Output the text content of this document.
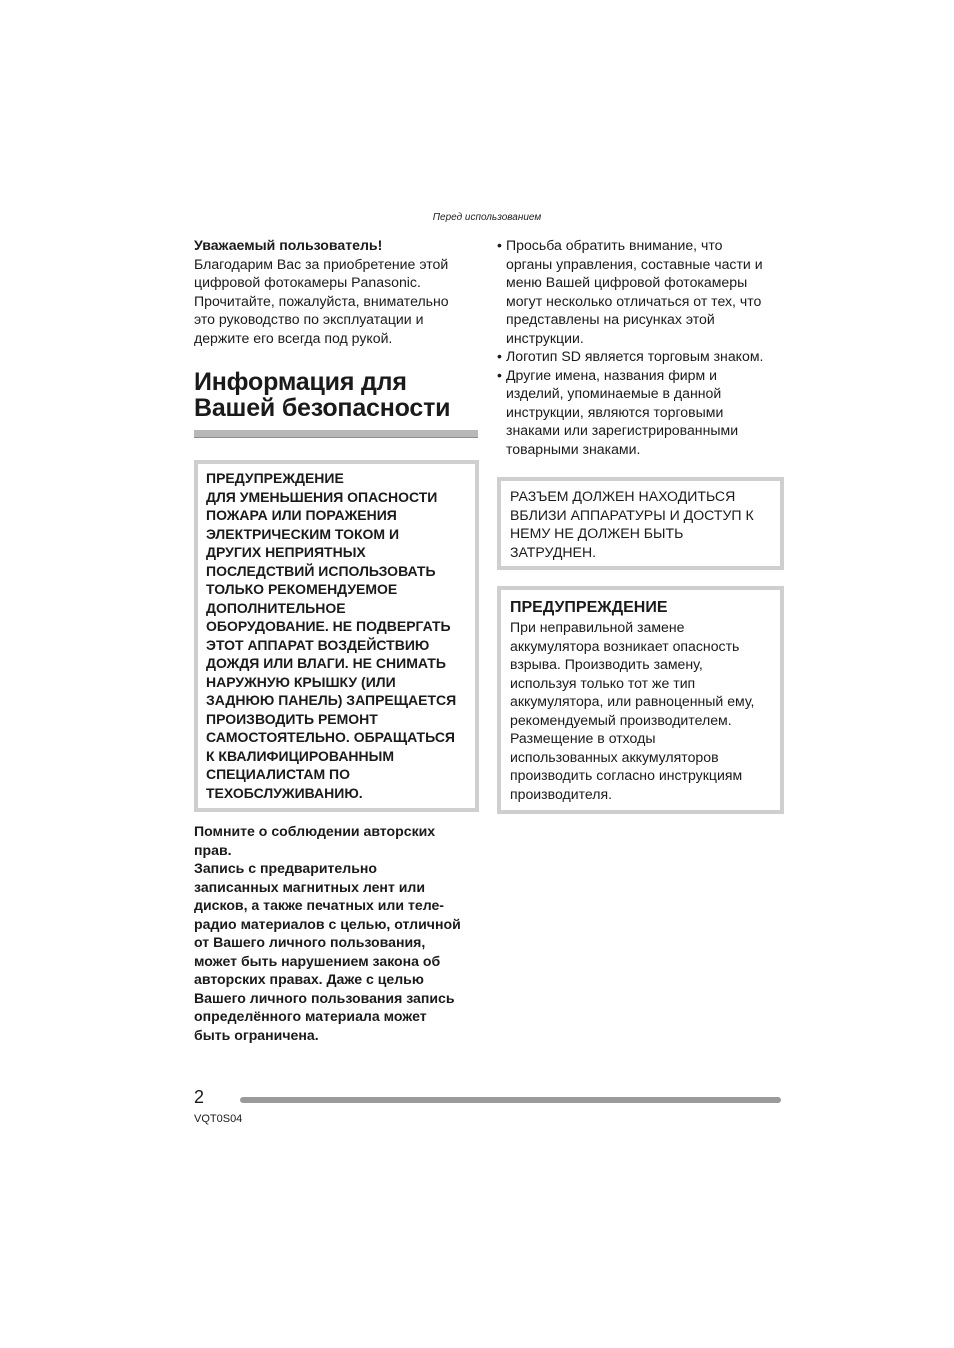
Перед использованием

Уважаемый пользователь!

Благодарим Вас за приобретение этой

цифровой фотокамеры Panasonic.

Прочитайте, пожалуйста, внимательно

это руководство по эксплуатации и

держите его всегда под рукой.

Информация для
Вашей безопасности

ПРЕДУПРЕЖДЕНИЕ

ДЛЯ УМЕНЬШЕНИЯ ОПАСНОСТИ

ПОЖАРА ИЛИ ПОРАЖЕНИЯ

ЭЛЕКТРИЧЕСКИМ ТОКОМ И

ДРУГИХ НЕПРИЯТНЫХ

ПОСЛЕДСТВИЙ ИСПОЛЬЗОВАТЬ

ТОЛЬКО РЕКОМЕНДУЕМОЕ

ДОПОЛНИТЕЛЬНОЕ

ОБОРУДОВАНИЕ. НЕ ПОДВЕРГАТЬ

ЭТОТ АППАРАТ ВОЗДЕЙСТВИЮ

ДОЖДЯ ИЛИ ВЛАГИ. НЕ СНИМАТЬ

НАРУЖНУЮ КРЫШКУ (ИЛИ

ЗАДНЮЮ ПАНЕЛЬ) ЗАПРЕЩАЕТСЯ

ПРОИЗВОДИТЬ РЕМОНТ

САМОСТОЯТЕЛЬНО. ОБРАЩАТЬСЯ

К КВАЛИФИЦИРОВАННЫМ

СПЕЦИАЛИСТАМ ПО

ТЕХОБСЛУЖИВАНИЮ.

Помните о соблюдении авторских

прав.

Запись с предварительно

записанных магнитных лент или

дисков, а также печатных или теле-

радио материалов с целью, отличной

от Вашего личного пользования,

может быть нарушением закона об

авторских правах. Даже с целью

Вашего личного пользования запись

определённого материала может

быть ограничена.

• Просьба обратить внимание, что
органы управления, составные части и
меню Вашей цифровой фотокамеры
могут несколько отличаться от тех, что
представлены на рисунках этой
инструкции.
• Логотип SD является торговым знаком.
• Другие имена, названия фирм и
изделий, упоминаемые в данной
инструкции, являются торговыми
знаками или зарегистрированными
товарными знаками.

РАЗЪЕМ ДОЛЖЕН НАХОДИТЬСЯ

ВБЛИЗИ АППАРАТУРЫ И ДОСТУП К

НЕМУ НЕ ДОЛЖЕН БЫТЬ

ЗАТРУДНЕН.

ПРЕДУПРЕЖДЕНИЕ

При неправильной замене

аккумулятора возникает опасность

взрыва. Производить замену,

используя только тот же тип

аккумулятора, или равноценный ему,

рекомендуемый производителем.

Размещение в отходы

использованных аккумуляторов

производить согласно инструкциям

производителя.

2
VQT0S04
